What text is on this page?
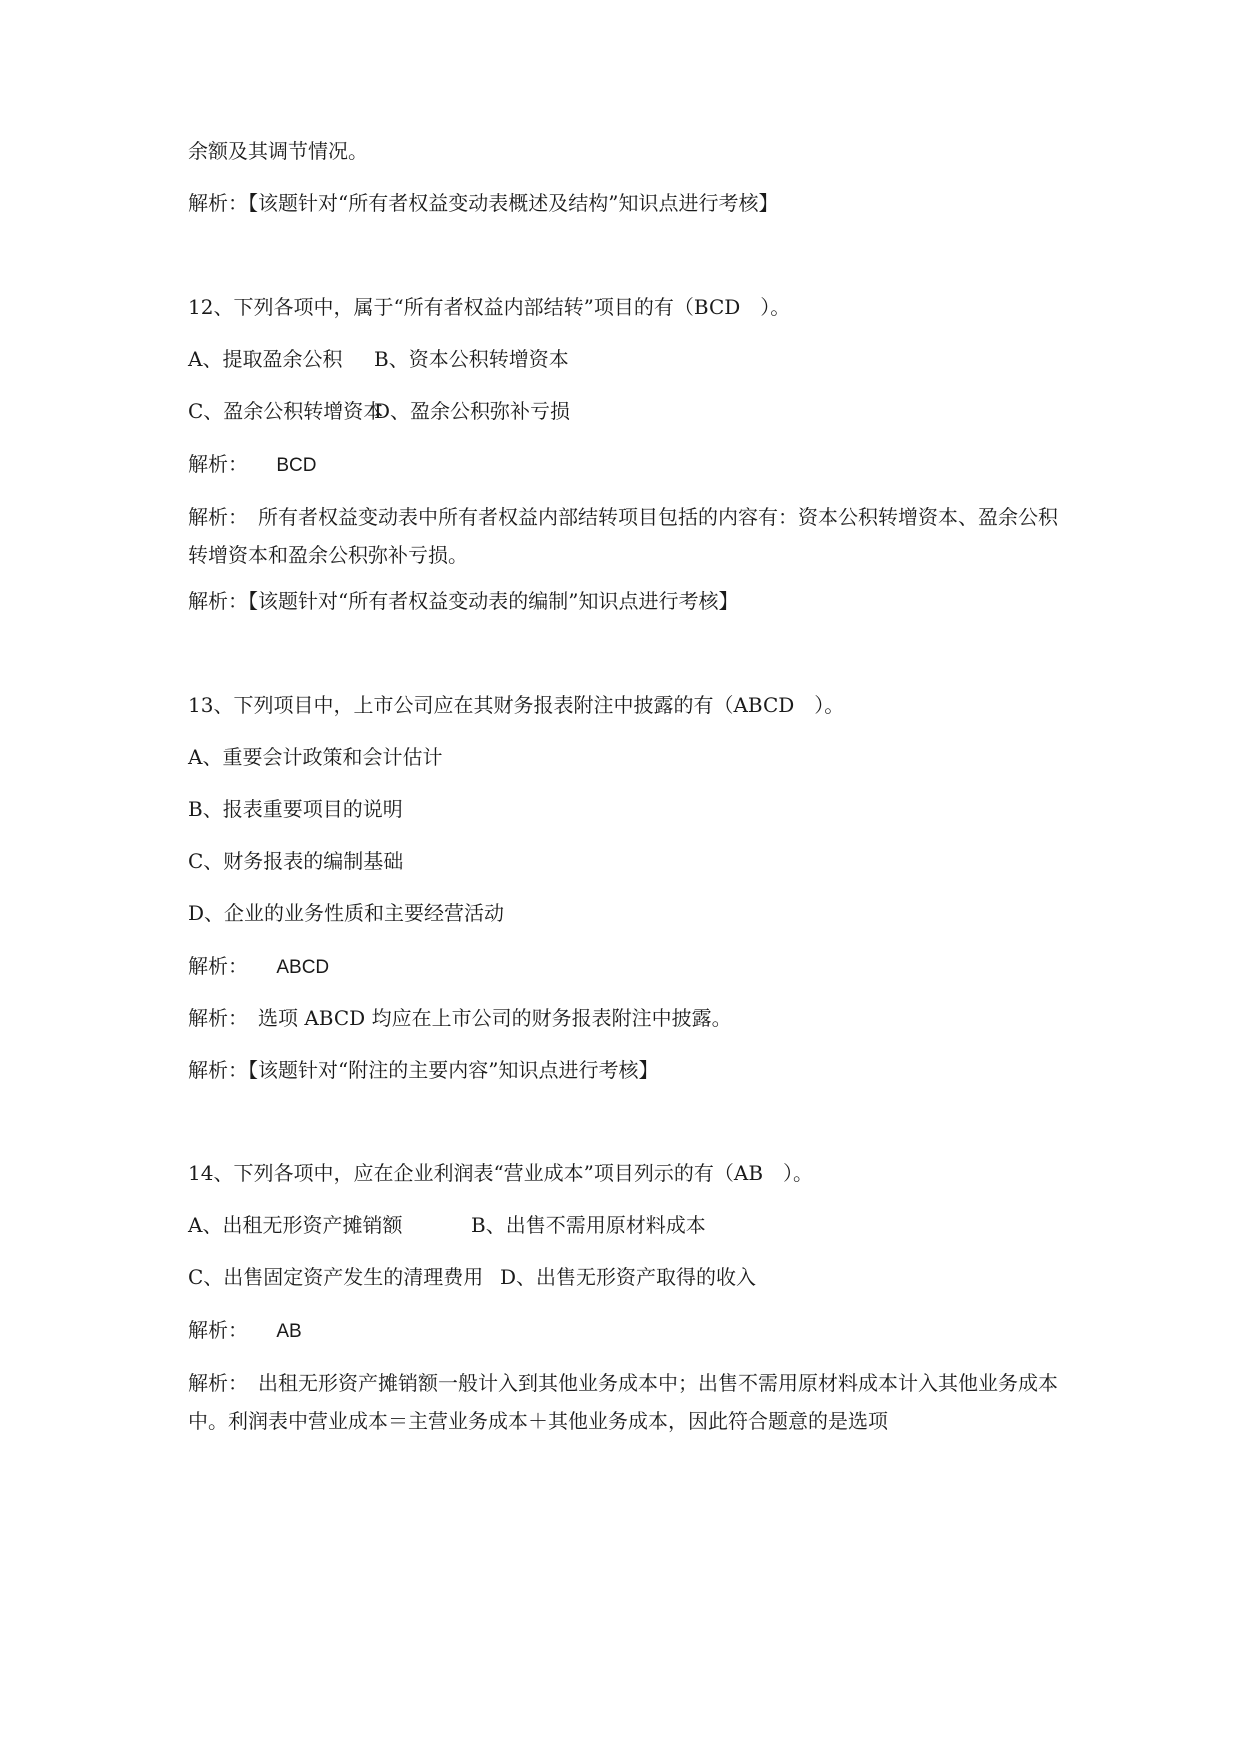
余额及其调节情况。
解析：【该题针对“所有者权益变动表概述及结构”知识点进行考核】
12、下列各项中，属于“所有者权益内部结转”项目的有（BCD　）。
A、提取盈余公积 B、资本公积转增资本
C、盈余公积转增资本D、盈余公积弥补亏损
解析： BCD
解析：　所有者权益变动表中所有者权益内部结转项目包括的内容有：资本公积转增资本、盈余公积转增资本和盈余公积弥补亏损。
解析：【该题针对“所有者权益变动表的编制”知识点进行考核】
13、下列项目中，上市公司应在其财务报表附注中披露的有（ABCD　）。
A、重要会计政策和会计估计
B、报表重要项目的说明
C、财务报表的编制基础
D、企业的业务性质和主要经营活动
解析： ABCD
解析：　选项 ABCD 均应在上市公司的财务报表附注中披露。
解析：【该题针对“附注的主要内容”知识点进行考核】
14、下列各项中，应在企业利润表“营业成本”项目列示的有（AB　）。
A、出租无形资产摊销额	B、出售不需用原材料成本
C、出售固定资产发生的清理费用 D、出售无形资产取得的收入
解析： AB
解析：　出租无形资产摊销额一般计入到其他业务成本中；出售不需用原材料成本计入其他业务成本中。利润表中营业成本＝主营业务成本＋其他业务成本，因此符合题意的是选项
